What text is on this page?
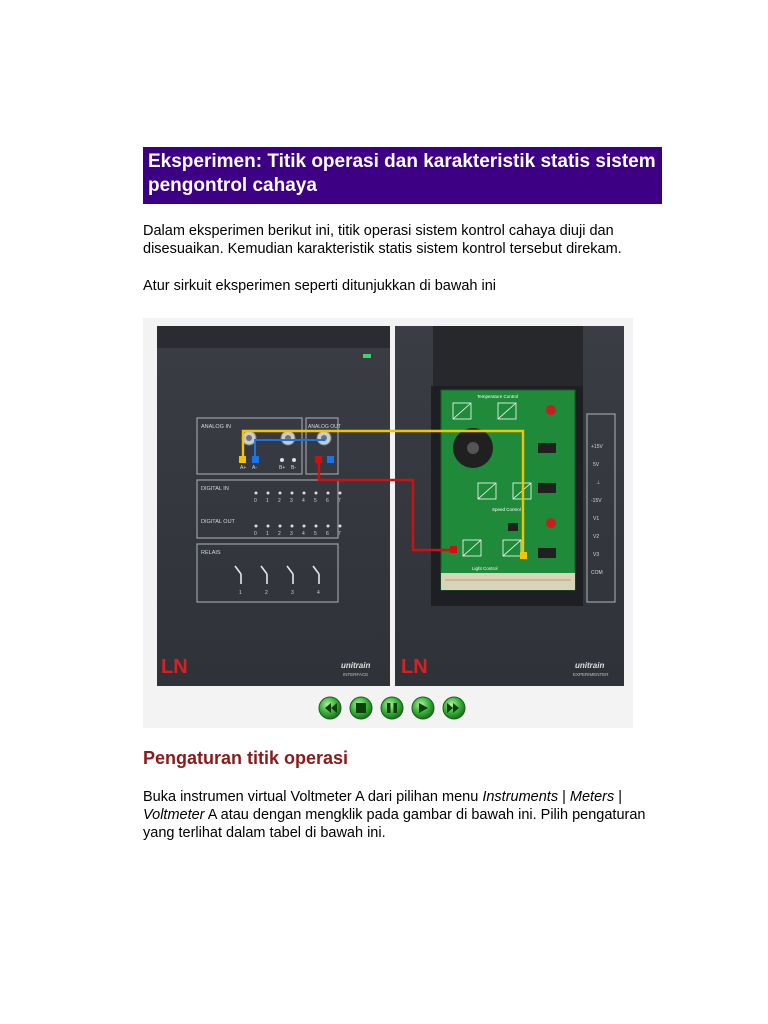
Eksperimen: Titik operasi dan karakteristik statis sistem pengontrol cahaya

Dalam eksperimen berikut ini, titik operasi sistem kontrol cahaya diuji dan disesuaikan. Kemudian karakteristik statis sistem kontrol tersebut direkam.

Atur sirkuit eksperimen seperti ditunjukkan di bawah ini

ANALOG IN	ANALOG OUT
A+ A-	B+ B-
DIGITAL IN
DIGITAL OUT
0 1 2 3 4 5 6 7
0 1 2 3 4 5 6 7
RELAIS
1	2	3	4
LN	unitrain
INTERFACE
Temperature Control
Speed Control
Light Control
+15V
5V
⊥
-15V
V1
V2
V3
COM
LN	unitrain
EXPERIMENTER
Pengaturan titik operasi

Buka instrumen virtual Voltmeter A dari pilihan menu Instruments | Meters | Voltmeter A atau dengan mengklik pada gambar di bawah ini. Pilih pengaturan yang terlihat dalam tabel di bawah ini.
